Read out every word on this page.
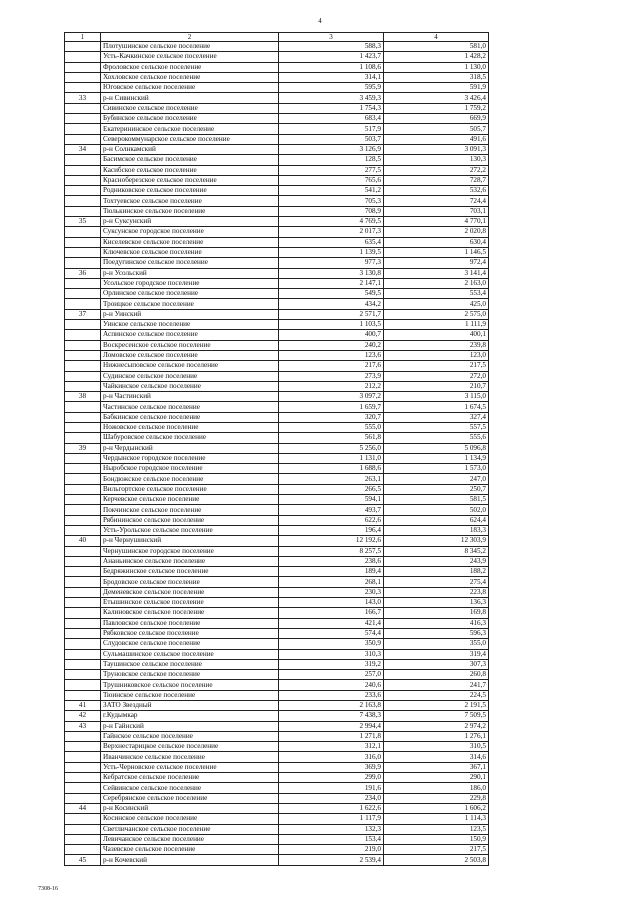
4
1	2	3	4
	Плотушинское сельское поселение	588,3	581,0
	Усть-Качкинское сельское поселение	1 423,7	1 428,2
	Фроловское сельское поселение	1 108,6	1 130,0
	Хохловское сельское поселение	314,1	318,5
	Юговское сельское поселение	595,9	591,9
33	р-н Сивинский	3 459,3	3 426,4
	Сивинское сельское поселение	1 754,3	1 759,2
	Бубинское сельское поселение	683,4	669,9
	Екатерининское сельское поселение	517,9	505,7
	Северокоммунарское сельское поселение	503,7	491,6
34	р-н Солнкамский	3 126,9	3 091,3
	Басимское сельское поселение	128,5	130,3
	Касибское сельское поселение	277,5	272,2
	Красноберезское сельское поселение	765,6	728,7
	Родниковское сельское поселение	541,2	532,6
	Тохтуевское сельское поселение	705,3	724,4
	Тюлькинское сельское поселение	708,9	703,1
35	р-н Суксунский	4 769,5	4 770,1
	Суксунское городское поселение	2 017,3	2 020,8
	Киселевское сельское поселение	635,4	630,4
	Ключевское сельское поселение	1 139,5	1 146,5
	Поедугинское сельское поселение	977,3	972,4
36	р-н Усольский	3 130,8	3 141,4
	Усольское городское поселение	2 147,1	2 163,0
	Орлинское сельское поселение	549,5	553,4
	Троицкое сельское поселение	434,2	425,0
37	р-н Уинский	2 571,7	2 575,0
	Уинское сельское поселение	1 103,5	1 111,9
	Аспинское сельское поселение	400,7	400,1
	Воскресенское сельское поселение	240,2	239,8
	Ломовское сельское поселение	123,6	123,0
	Нижнесыповское сельское поселение	217,6	217,5
	Судинское сельское поселение	273,9	272,0
	Чайкинское сельское поселение	212,2	210,7
38	р-н Частинский	3 097,2	3 115,0
	Частинское сельское поселение	1 659,7	1 674,5
	Бабкинское сельское поселение	320,7	327,4
	Ножовское сельское поселение	555,0	557,5
	Шабуровское сельское поселение	561,8	555,6
39	р-н Чердынский	5 256,0	5 096,8
	Чердынское городское поселение	1 131,0	1 134,9
	Ныробское городское поселение	1 688,6	1 573,0
	Бондюжское сельское поселение	263,1	247,0
	Вильгортское сельское поселение	266,5	250,7
	Керчевское сельское поселение	594,1	581,5
	Покчинское сельское поселение	493,7	502,0
	Рябининское сельское поселение	622,6	624,4
	Усть-Урольское сельское поселение	196,4	183,3
40	р-н Чернушинский	12 192,6	12 303,9
	Чернушинское городское поселение	8 257,5	8 345,2
	Ананьинское сельское поселение	238,6	243,9
	Бедряжинское сельское поселение	189,4	188,2
	Бродовское сельское поселение	268,1	275,4
	Деменевское сельское поселение	230,3	223,8
	Етышинское сельское поселение	143,0	136,3
	Калиновское сельское поселение	166,7	169,8
	Павловское сельское поселение	421,4	416,3
	Рябковское сельское поселение	574,4	596,3
	Слудовское сельское поселение	350,9	355,0
	Сульмашинское сельское поселение	310,3	319,4
	Таушинское сельское поселение	319,2	307,3
	Труновское сельское поселение	257,0	260,8
	Трушниковское сельское поселение	240,6	241,7
	Тюинское сельское поселение	233,6	224,5
41	ЗАТО Звездный	2 163,8	2 191,5
42	г.Кудымкар	7 438,3	7 509,5
43	р-н Гайнский	2 994,4	2 974,2
	Гайнское сельское поселение	1 271,8	1 276,1
	Верхнестарицкое сельское поселение	312,1	310,5
	Иванчинское сельское поселение	316,0	314,6
	Усть-Черновское сельское поселение	369,9	367,1
	Кебратское сельское поселение	299,0	290,1
	Сейвинское сельское поселение	191,6	186,0
	Серебрянское сельское поселение	234,0	229,8
44	р-н Косинский	1 622,6	1 606,2
	Косинское сельское поселение	1 117,9	1 114,3
	Светличанское сельское поселение	132,3	123,5
	Левичанское сельское поселение	153,4	150,9
	Чазевское сельское поселение	219,0	217,5
45	р-н Кочевский	2 539,4	2 503,8
7308-16
